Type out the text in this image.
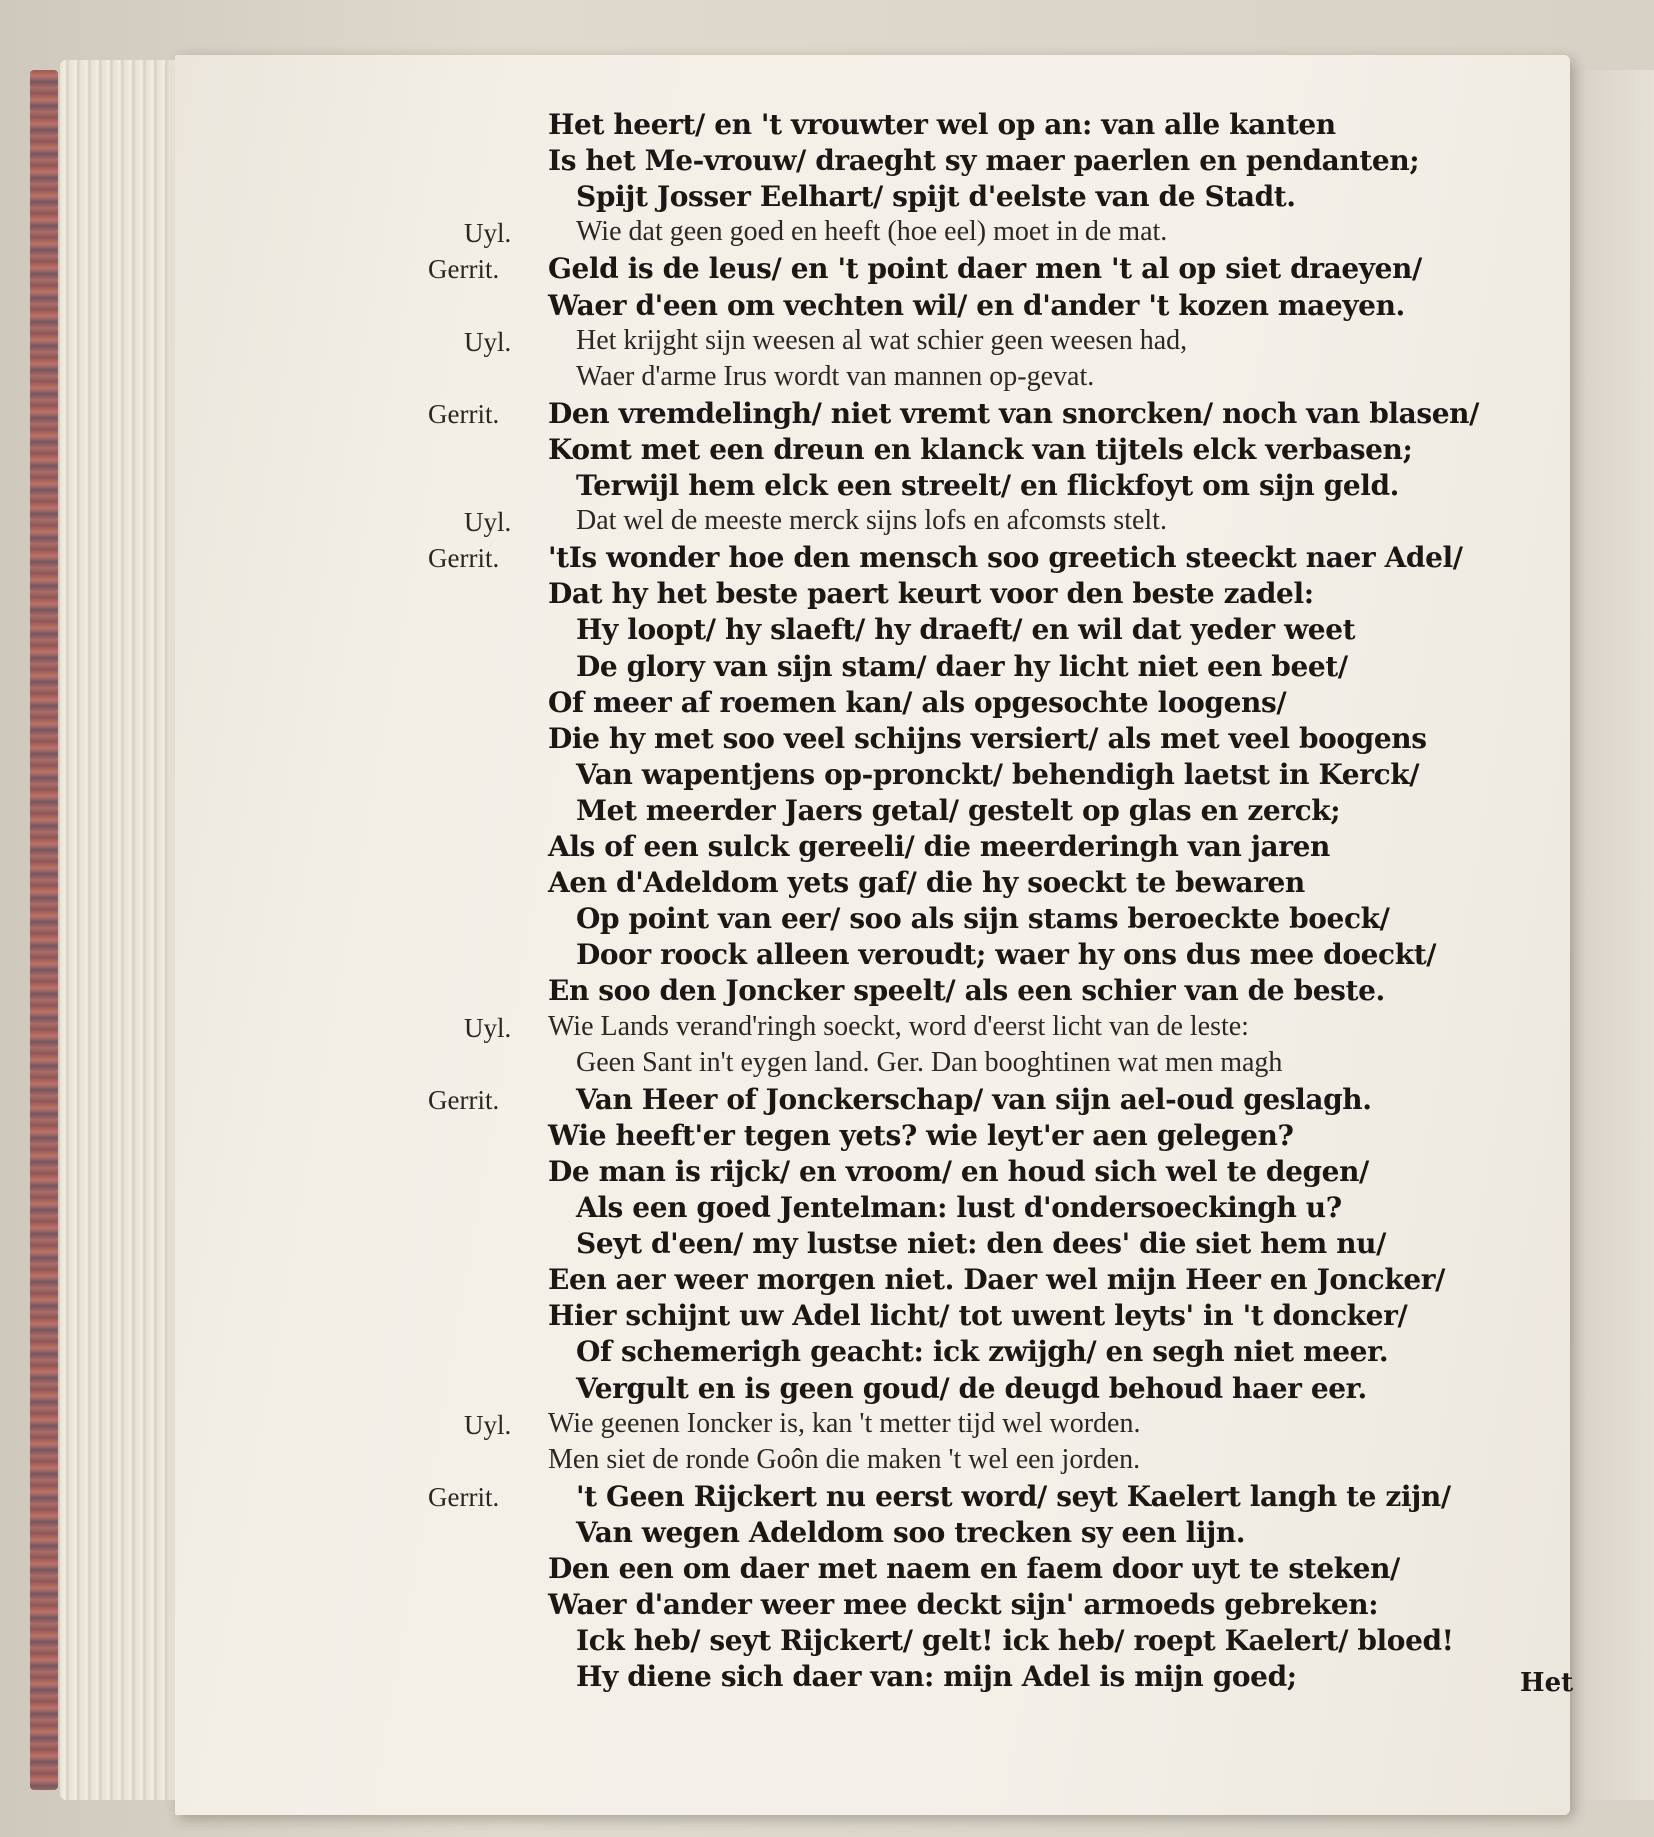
Het heert/ en 't vrouwter wel op an: van alle kanten
Is het Me-vrouw/ draeght sy maer paerlen en pendanten;
Spijt Josser Eelhart/ spijt d'eelste van de Stadt.
Uyl. Wie dat geen goed en heeft (hoe eel) moet in de mat.
Gerrit. Geld is de leus/ en 't point daer men 't al op siet draeyen/
Waer d'een om vechten wil/ en d'ander 't kozen maeyen.
Uyl. Het krijght sijn weesen al wat schier geen weesen had,
Waer d'arme Irus wordt van mannen op-gevat.
Gerrit. Den vremdelingh/ niet vremt van snorcken/ noch van blasen/
Komt met een dreun en klanck van tijtels elck verbasen;
Terwijl hem elck een streelt/ en flickfoyt om sijn geld.
Uyl. Dat wel de meeste merck sijns lofs en afcomsts stelt.
Gerrit. 'tIs wonder hoe den mensch soo greetich steeckt naer Adel/
Dat hy het beste paert keurt voor den beste zadel:
Hy loopt/ hy slaeft/ hy draeft/ en wil dat yeder weet
De glory van sijn stam/ daer hy licht niet een beet/
Of meer af roemen kan/ als opgesochte loogens/
Die hy met soo veel schijns versiert/ als met veel boogens
Van wapentjens op-pronckt/ behendigh laetst in Kerck/
Met meerder Jaers getal/ gestelt op glas en zerck;
Als of een sulck gereeli/ die meerderingh van jaren
Aen d'Adeldom yets gaf/ die hy soeckt te bewaren
Op point van eer/ soo als sijn stams beroeckte boeck/
Door roock alleen veroudt; waer hy ons dus mee doeckt/
En soo den Joncker speelt/ als een schier van de beste.
Uyl. Wie Lands verand'ringh soeckt, word d'eerst licht van de leste:
Geen Sant in't eygen land. Ger. Dan booghtinen wat men magh
Gerrit.	Van Heer of Jonckerschap/ van sijn ael-oud geslagh.
Wie heeft'er tegen yets? wie leyt'er aen gelegen?
De man is rijck/ en vroom/ en houd sich wel te degen/
Als een goed Jentelman: lust d'ondersoeckingh u?
Seyt d'een/ my lustse niet: den dees' die siet hem nu/
Een aer weer morgen niet. Daer wel mijn Heer en Joncker/
Hier schijnt uw Adel licht/ tot uwent leyts' in 't doncker/
Of schemerigh geacht: ick zwijgh/ en segh niet meer.
Vergult en is geen goud/ de deugd behoud haer eer.
Uyl. Wie geenen Ioncker is, kan 't metter tijd wel worden.
Men siet de ronde Goôn die maken 't wel een jorden.
Gerrit.	't Geen Rijckert nu eerst word/ seyt Kaelert langh te zijn/
Van wegen Adeldom soo trecken sy een lijn.
Den een om daer met naem en faem door uyt te steken/
Waer d'ander weer mee deckt sijn' armoeds gebreken:
Ick heb/ seyt Rijckert/ gelt! ick heb/ roept Kaelert/ bloed!
Hy diene sich daer van: mijn Adel is mijn goed;	Het
